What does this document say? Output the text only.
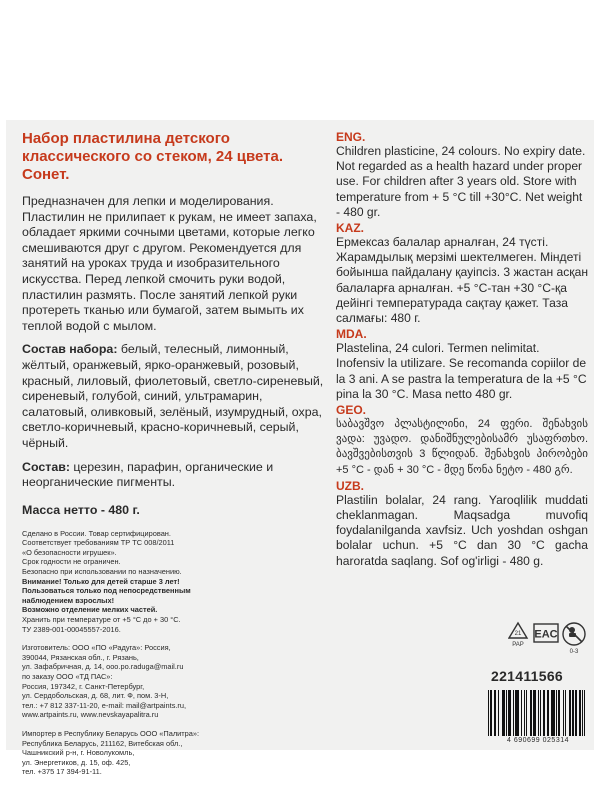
Набор пластилина детского классического со стеком, 24 цвета. Сонет.
Предназначен для лепки и моделирования. Пластилин не прилипает к рукам, не имеет запаха, обладает яркими сочными цветами, которые легко смешиваются друг с другом. Рекомендуется для занятий на уроках труда и изобразительного искусства. Перед лепкой смочить руки водой, пластилин размять. После занятий лепкой руки протереть тканью или бумагой, затем вымыть их теплой водой с мылом.
Состав набора: белый, телесный, лимонный, жёлтый, оранжевый, ярко-оранжевый, розовый, красный, лиловый, фиолетовый, светло-сиреневый, сиреневый, голубой, синий, ультрамарин, салатовый, оливковый, зелёный, изумрудный, охра, светло-коричневый, красно-коричневый, серый, чёрный.
Состав: церезин, парафин, органические и неорганические пигменты.
Масса нетто - 480 г.

Сделано в России. Товар сертифицирован.

Соответствует требованиям ТР ТС 008/2011

«О безопасности игрушек».

Срок годности не ограничен.

Безопасно при использовании по назначению.

Внимание! Только для детей старше 3 лет!

Пользоваться только под непосредственным

наблюдением взрослых!

Возможно отделение мелких частей.

Хранить при температуре от +5 °С до + 30 °С.

ТУ 2389-001-00045557-2016.

Изготовитель: ООО «ПО «Радуга»: Россия,

390044, Рязанская обл., г. Рязань,

ул. Зафабричная, д. 14, ooo.po.raduga@mail.ru

по заказу ООО «ТД ПАС»:

Россия, 197342, г. Санкт-Петербург,

ул. Сердобольская, д. 68, лит. Ф, пом. 3-Н,

тел.: +7 812 337-11-20, e-mail: mail@artpaints.ru,

www.artpaints.ru, www.nevskayapalitra.ru

Импортер в Республику Беларусь ООО «Палитра»:

Республика Беларусь, 211162, Витебская обл.,

Чашникский р-н, г. Новолукомль,

ул. Энергетиков, д. 15, оф. 425,

тел. +375 17 394-91-11.

ENG.
Children plasticine, 24 colours. No expiry date. Not regarded as a health hazard under proper use. For children after 3 years old. Store with temperature from + 5 °C till +30°C. Net weight - 480 gr.
KAZ.
Ермексаз балалар арналған, 24 түсті. Жарамдылық мерзімі шектелмеген. Міндеті бойынша пайдалану қауіпсіз. 3 жастан асқан балаларға арналған. +5 °С-тан +30 °С-қа дейінгі температурада сақтау қажет. Таза салмағы: 480 г.
MDA.
Plastelina, 24 culori. Termen nelimitat. Inofensiv la utilizare. Se recomanda copiilor de la 3 ani. A se pastra la temperatura de la +5 °C pina la 30 °C. Masa netto 480 gr.
GEO.
საბავშვო პლასტილინი, 24 ფერი. შენახვის ვადა: უვადო. დანიშნულებისამრ უსაფრთხო. ბავშვებისთვის 3 წლიდან. შენახვის პირობები +5 °C - დან + 30 °C - მდე წონა ნეტო - 480 გრ.
UZB.
Plastilin bolalar, 24 rang. Yaroqlilik muddati cheklanmagan. Maqsadga muvofiq foydalanilganda xavfsiz. Uch yoshdan oshgan bolalar uchun. +5 °C dan 30 °C gacha haroratda saqlang. Sof og'irligi - 480 g.
21
PAP
EAC
0-3
221411566
4 690699 025314
